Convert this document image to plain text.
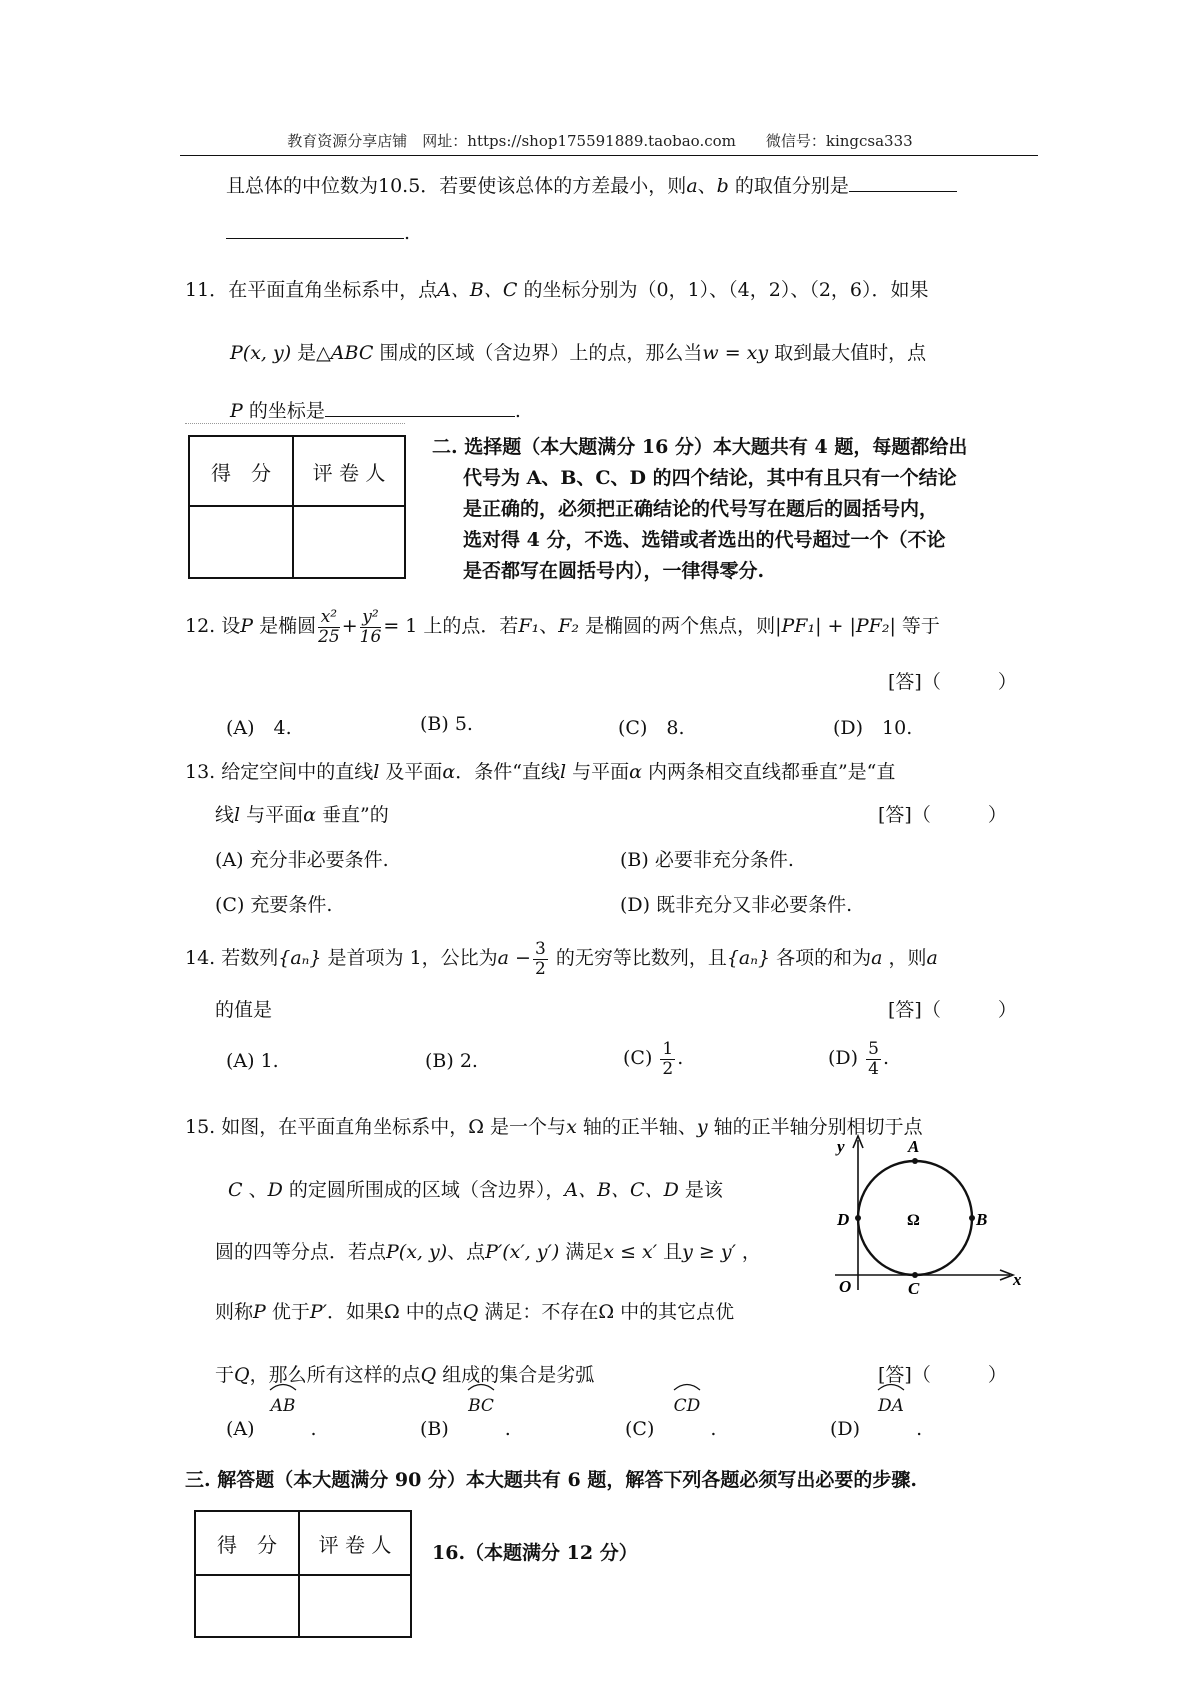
教育资源分享店铺　网址：https://shop175591889.taobao.com　　微信号：kingcsa333
且总体的中位数为10.5．若要使该总体的方差最小，则a、b 的取值分别是
.
11．在平面直角坐标系中，点A、B、C 的坐标分别为（0，1）、（4，2）、（2，6）．如果
P(x, y) 是△ABC 围成的区域（含边界）上的点，那么当w = xy 取到最大值时，点
P 的坐标是	.
得　分	评 卷 人

二. 选择题（本大题满分 16 分）本大题共有 4 题，每题都给出
代号为 A、B、C、D 的四个结论，其中有且只有一个结论
是正确的，必须把正确结论的代号写在题后的圆括号内，
选对得 4 分，不选、选错或者选出的代号超过一个（不论
是否都写在圆括号内），一律得零分.
12. 设P 是椭圆 $\frac{\text{x²}}{25} + \frac{\text{y²}}{16} = 1$ 上的点．若F₁、F₂ 是椭圆的两个焦点，则|PF₁| + |PF₂| 等于
[答]（　　　）
(A)　4.	(B) 5.	(C)　8.	(D)　10.
13. 给定空间中的直线l 及平面α．条件“直线l 与平面α 内两条相交直线都垂直”是“直
线l 与平面α 垂直”的	[答]（　　　）
(A) 充分非必要条件.	(B) 必要非充分条件.
(C) 充要条件.	(D) 既非充分又非必要条件.
14. 若数列{aₙ} 是首项为 1，公比为$a - \frac{3}{2}$ 的无穷等比数列，且{aₙ} 各项的和为a ，则a
的值是	[答]（　　　）
(A) 1.	(B) 2.	$(C) \frac{1}{2}$ .	$(D) \frac{5}{4}$ .
15. 如图，在平面直角坐标系中，Ω 是一个与x 轴的正半轴、y 轴的正半轴分别相切于点
C 、D 的定圆所围成的区域（含边界），A、B、C、D 是该
圆的四等分点．若点P(x, y)、点P′(x′, y′) 满足x ≤ x′ 且y ≥ y′ ，
则称P 优于P′．如果Ω 中的点Q 满足：不存在Ω 中的其它点优
于Q，那么所有这样的点Q 组成的集合是劣弧	[答]（　　　）

AB	BC	CD	DA
(A)	.	(B)	.	(C)	.	(D)	.
y
x
O
A
B
C
D	Ω
三. 解答题（本大题满分 90 分）本大题共有 6 题，解答下列各题必须写出必要的步骤.
得　分	评 卷 人
	16.（本题满分 12 分）
